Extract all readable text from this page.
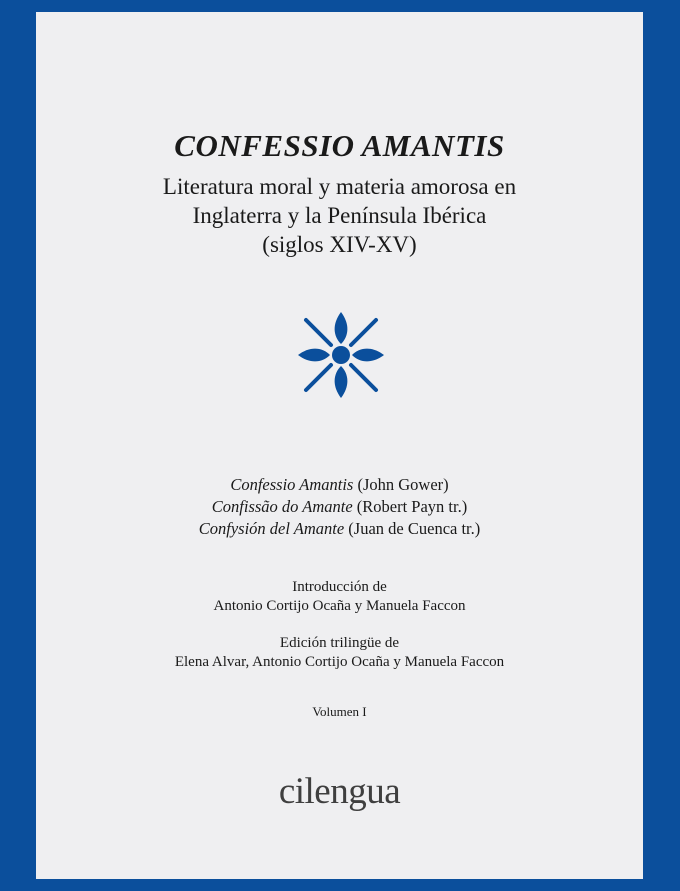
CONFESSIO AMANTIS
Literatura moral y materia amorosa en
Inglaterra y la Península Ibérica
(siglos XIV-XV)
Confessio Amantis (John Gower)
Confissão do Amante (Robert Payn tr.)
Confysión del Amante (Juan de Cuenca tr.)
Introducción de
Antonio Cortijo Ocaña y Manuela Faccon
Edición trilingüe de
Elena Alvar, Antonio Cortijo Ocaña y Manuela Faccon
Volumen I
cilengua
